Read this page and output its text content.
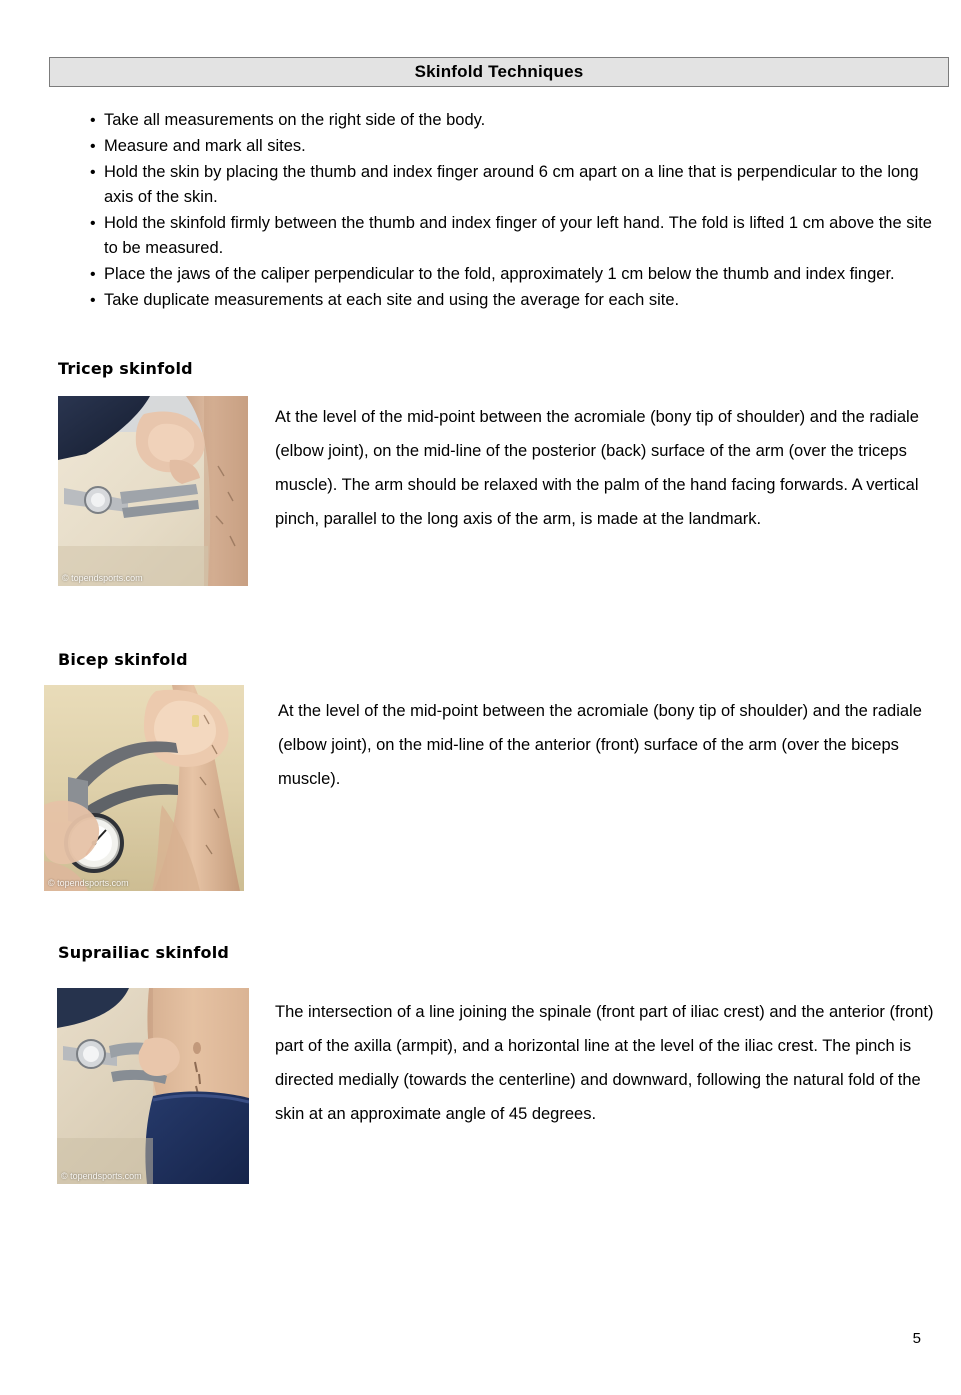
Skinfold Techniques
• Take all measurements on the right side of the body.
• Measure and mark all sites.
• Hold the skin by placing the thumb and index finger around 6 cm apart on a line that is perpendicular to the long axis of the skin.
• Hold the skinfold firmly between the thumb and index finger of your left hand. The fold is lifted 1 cm above the site to be measured.
• Place the jaws of the caliper perpendicular to the fold, approximately 1 cm below the thumb and index finger.
• Take duplicate measurements at each site and using the average for each site.
Tricep skinfold
© topendsports.com
At the level of the mid-point between the acromiale (bony tip of shoulder) and the radiale (elbow joint), on the mid-line of the posterior (back) surface of the arm (over the triceps muscle). The arm should be relaxed with the palm of the hand facing forwards. A vertical pinch, parallel to the long axis of the arm, is made at the landmark.
Bicep skinfold
© topendsports.com
At the level of the mid-point between the acromiale (bony tip of shoulder) and the radiale (elbow joint), on the mid-line of the anterior (front) surface of the arm (over the biceps muscle).
Suprailiac skinfold
© topendsports.com
The intersection of a line joining the spinale (front part of iliac crest) and the anterior (front) part of the axilla (armpit), and a horizontal line at the level of the iliac crest. The pinch is directed medially (towards the centerline) and downward, following the natural fold of the skin at an approximate angle of 45 degrees.
5
